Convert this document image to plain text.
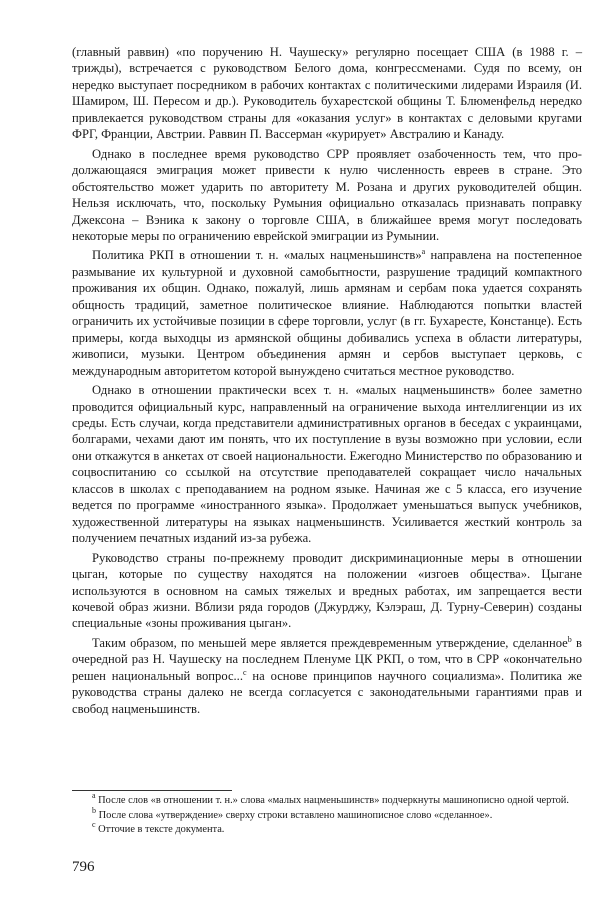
(главный раввин) «по поручению Н. Чаушеску» регулярно посещает США (в 1988 г. – трижды), встречается с руководством Белого дома, конгрессменами. Судя по всему, он нередко выступает посредником в рабочих контактах с политическими лидерами Израиля (И. Шамиром, Ш. Пересом и др.). Руководитель бухарестской общины Т. Блюменфельд нередко привлекается руководством страны для «оказания услуг» в контактах с деловыми кругами ФРГ, Франции, Австрии. Раввин П. Вассерман «курирует» Австралию и Канаду.

Однако в последнее время руководство СРР проявляет озабоченность тем, что продолжающаяся эмиграция может привести к нулю численность евреев в стране. Это обстоятельство может ударить по авторитету М. Розана и других руководителей общин. Нельзя исключать, что, поскольку Румыния официально отказалась признавать поправку Джексона – Вэника к закону о торговле США, в ближайшее время могут последовать некоторые меры по ограничению еврейской эмиграции из Румынии.

Политика РКП в отношении т. н. «малых нацменьшинств»$^a$ направлена на постепенное размывание их культурной и духовной самобытности, разрушение традиций компактного проживания их общин. Однако, пожалуй, лишь армянам и сербам пока удается сохранять общность традиций, заметное политическое влияние. Наблюдаются попытки властей ограничить их устойчивые позиции в сфере торговли, услуг (в гг. Бухаресте, Констанце). Есть примеры, когда выходцы из армянской общины добивались успеха в области литературы, живописи, музыки. Центром объединения армян и сербов выступает церковь, с международным авторитетом которой вынуждено считаться местное руководство.

Однако в отношении практически всех т. н. «малых нацменьшинств» более заметно проводится официальный курс, направленный на ограничение выхода интеллигенции из их среды. Есть случаи, когда представители административных органов в беседах с украинцами, болгарами, чехами дают им понять, что их поступление в вузы возможно при условии, если они откажутся в анкетах от своей национальности. Ежегодно Министерство по образованию и соцвоспитанию со ссылкой на отсутствие преподавателей сокращает число начальных классов в школах с преподаванием на родном языке. Начиная же с 5 класса, его изучение ведется по программе «иностранного языка». Продолжает уменьшаться выпуск учебников, художественной литературы на языках нацменьшинств. Усиливается жесткий контроль за получением печатных изданий из-за рубежа.

Руководство страны по-прежнему проводит дискриминационные меры в отношении цыган, которые по существу находятся на положении «изгоев общества». Цыгане используются в основном на самых тяжелых и вредных работах, им запрещается вести кочевой образ жизни. Вблизи ряда городов (Джурджу, Кэлэраш, Д. Турну-Северин) созданы специальные «зоны проживания цыган».

Таким образом, по меньшей мере является преждевременным утверждение, сделанное$^b$ в очередной раз Н. Чаушеску на последнем Пленуме ЦК РКП, о том, что в СРР «окончательно решен национальный вопрос...$^c$ на основе принципов научного социализма». Политика же руководства страны далеко не всегда согласуется с законодательными гарантиями прав и свобод нацменьшинств.

$^a$ После слов «в отношении т. н.» слова «малых нацменьшинств» подчеркнуты машинописно одной чертой.

$^b$ После слова «утверждение» сверху строки вставлено машинописное слово «сделанное».

$^c$ Отточие в тексте документа.

796
